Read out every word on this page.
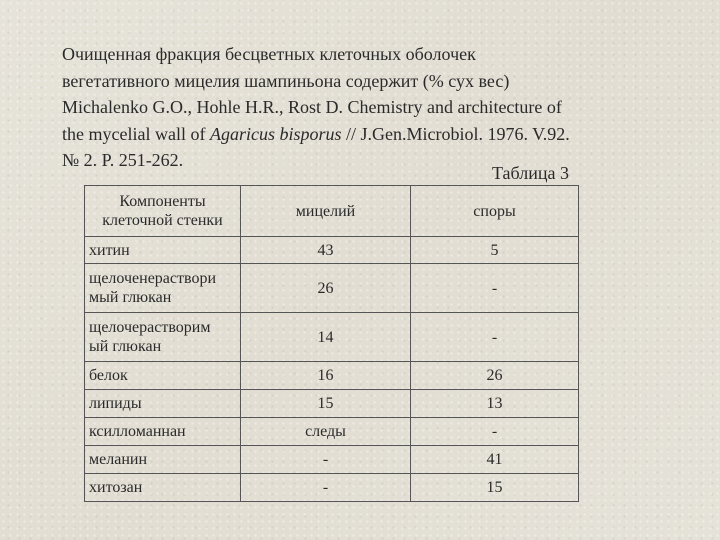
Очищенная фракция бесцветных клеточных оболочек

вегетативного мицелия шампиньона содержит (% сух вес)

Michalenko G.O., Hohle H.R., Rost D. Chemistry and architecture of

the mycelial wall of Agaricus bisporus // J.Gen.Microbiol. 1976. V.92.

№ 2. P. 251-262.

Таблица 3
Компоненты
клеточной стенки	мицелий	споры
хитин	43	5
щелоченераствори
мый глюкан	26	-
щелочерастворим
ый глюкан	14	-
белок	16	26
липиды	15	13
ксилломаннан	следы	-
меланин	-	41
хитозан	-	15
